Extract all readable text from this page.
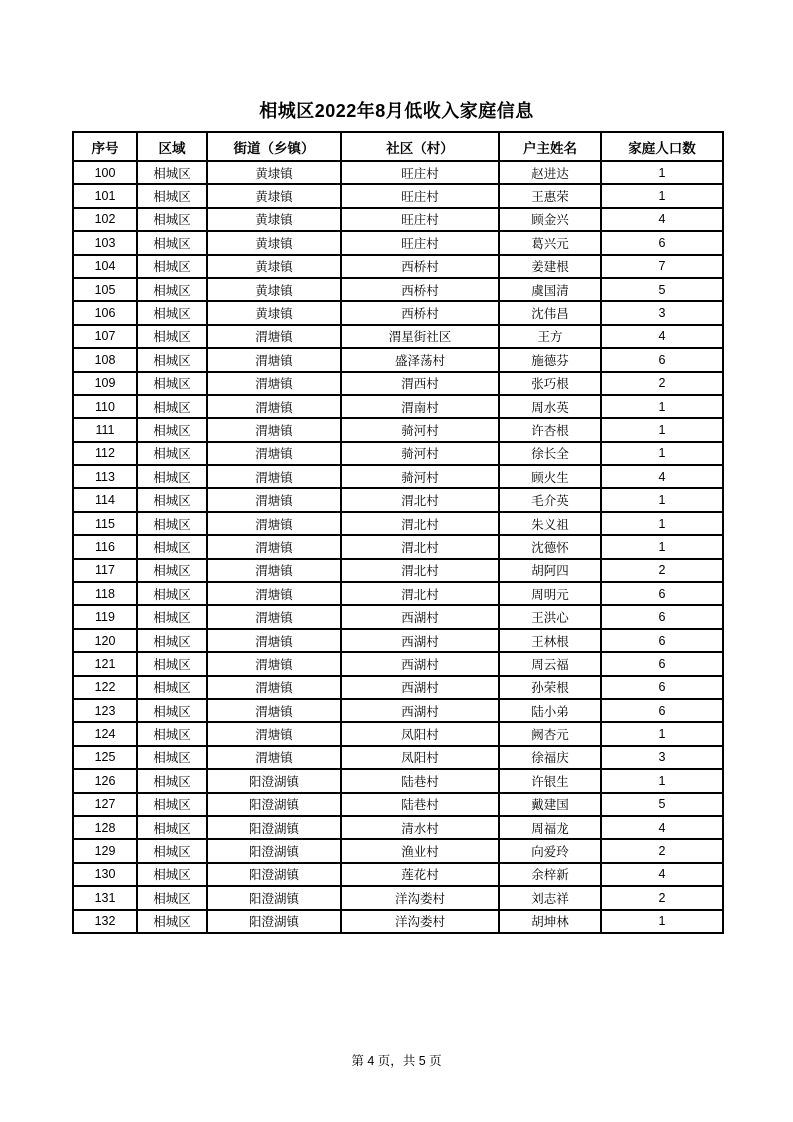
相城区2022年8月低收入家庭信息
序号	区域	街道（乡镇）	社区（村）	户主姓名	家庭人口数
100	相城区	黄埭镇	旺庄村	赵进达	1
101	相城区	黄埭镇	旺庄村	王惠荣	1
102	相城区	黄埭镇	旺庄村	顾金兴	4
103	相城区	黄埭镇	旺庄村	葛兴元	6
104	相城区	黄埭镇	西桥村	姜建根	7
105	相城区	黄埭镇	西桥村	虞国清	5
106	相城区	黄埭镇	西桥村	沈伟昌	3
107	相城区	渭塘镇	渭星街社区	王方	4
108	相城区	渭塘镇	盛泽荡村	施德芬	6
109	相城区	渭塘镇	渭西村	张巧根	2
110	相城区	渭塘镇	渭南村	周水英	1
111	相城区	渭塘镇	骑河村	许杏根	1
112	相城区	渭塘镇	骑河村	徐长全	1
113	相城区	渭塘镇	骑河村	顾火生	4
114	相城区	渭塘镇	渭北村	毛介英	1
115	相城区	渭塘镇	渭北村	朱义祖	1
116	相城区	渭塘镇	渭北村	沈德怀	1
117	相城区	渭塘镇	渭北村	胡阿四	2
118	相城区	渭塘镇	渭北村	周明元	6
119	相城区	渭塘镇	西湖村	王洪心	6
120	相城区	渭塘镇	西湖村	王林根	6
121	相城区	渭塘镇	西湖村	周云福	6
122	相城区	渭塘镇	西湖村	孙荣根	6
123	相城区	渭塘镇	西湖村	陆小弟	6
124	相城区	渭塘镇	凤阳村	阙杏元	1
125	相城区	渭塘镇	凤阳村	徐福庆	3
126	相城区	阳澄湖镇	陆巷村	许银生	1
127	相城区	阳澄湖镇	陆巷村	戴建国	5
128	相城区	阳澄湖镇	清水村	周福龙	4
129	相城区	阳澄湖镇	渔业村	向爱玲	2
130	相城区	阳澄湖镇	莲花村	余梓新	4
131	相城区	阳澄湖镇	洋沟娄村	刘志祥	2
132	相城区	阳澄湖镇	洋沟娄村	胡坤林	1
第 4 页，共 5 页
